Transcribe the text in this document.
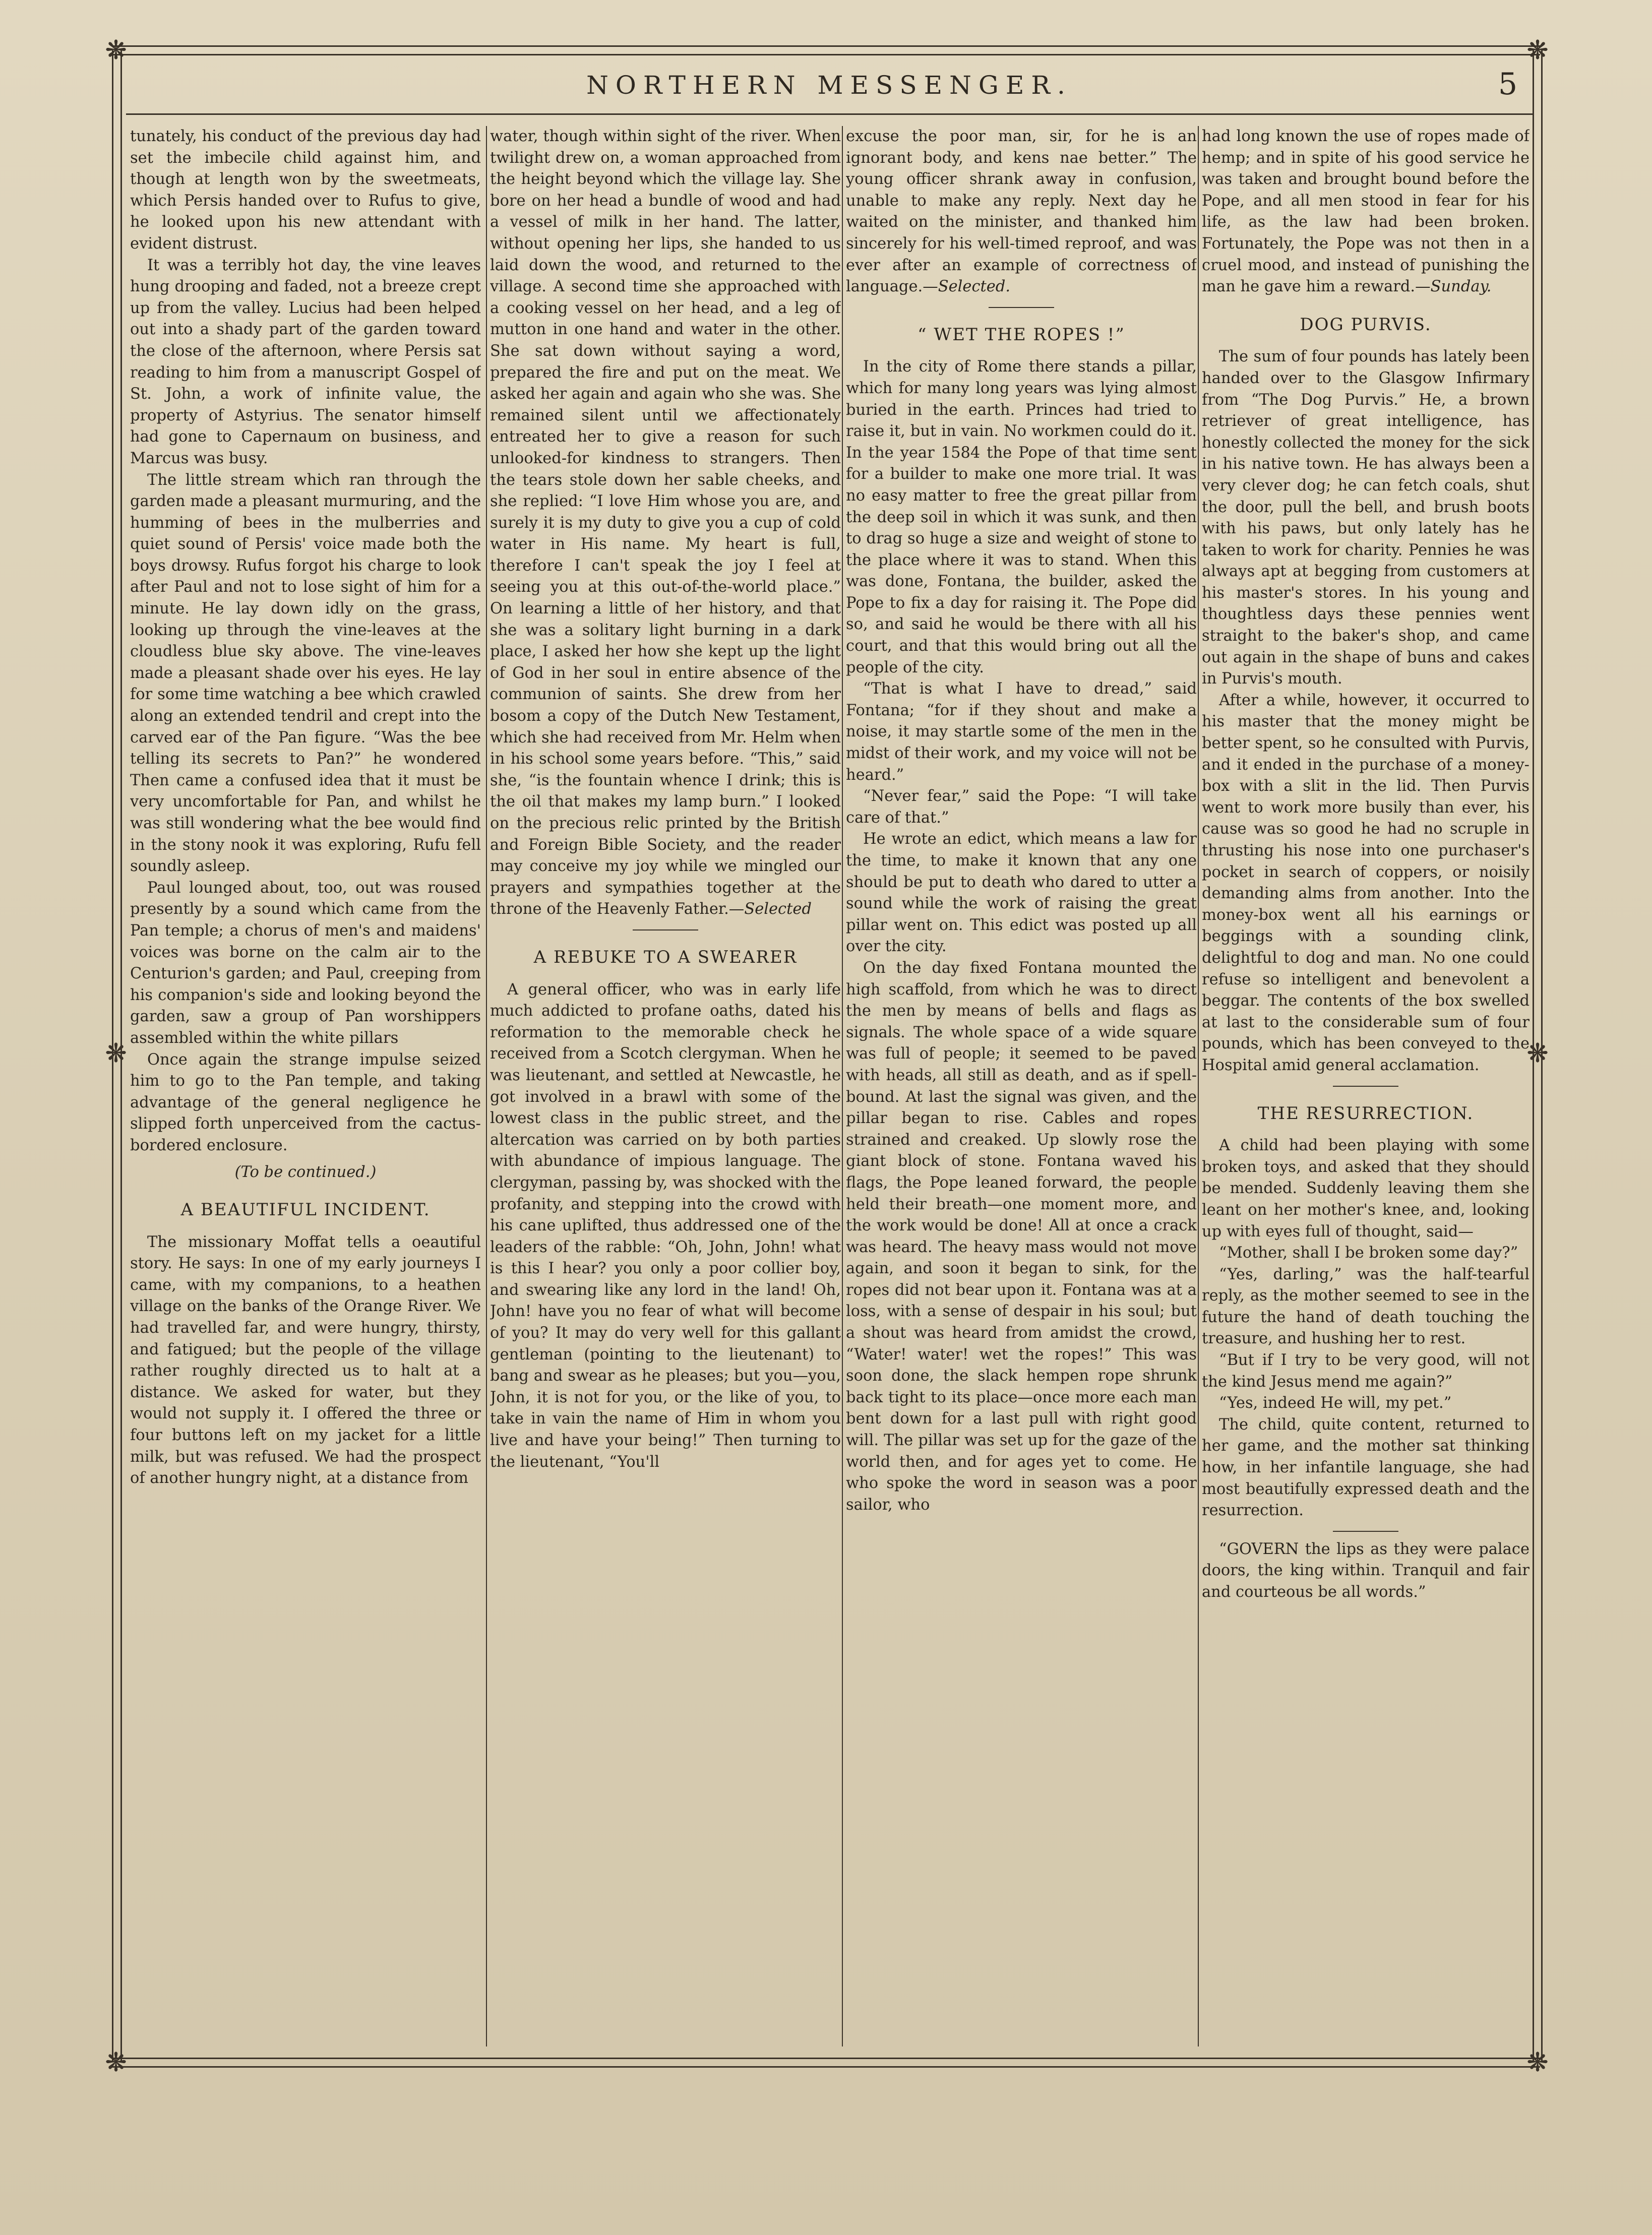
❋	❋
❋	❋
❋	❋
NORTHERN MESSENGER.	5

tunately, his conduct of the previous day had set the imbecile child against him, and though at length won by the sweetmeats, which Persis handed over to Rufus to give, he looked upon his new attendant with evident distrust.

It was a terribly hot day, the vine leaves hung drooping and faded, not a breeze crept up from the valley. Lucius had been helped out into a shady part of the garden toward the close of the afternoon, where Persis sat reading to him from a manuscript Gospel of St. John, a work of infinite value, the property of Astyrius. The senator himself had gone to Capernaum on business, and Marcus was busy.

The little stream which ran through the garden made a pleasant murmuring, and the humming of bees in the mulberries and quiet sound of Persis' voice made both the boys drowsy. Rufus forgot his charge to look after Paul and not to lose sight of him for a minute. He lay down idly on the grass, looking up through the vine-leaves at the cloudless blue sky above. The vine-leaves made a pleasant shade over his eyes. He lay for some time watching a bee which crawled along an extended tendril and crept into the carved ear of the Pan figure. “Was the bee telling its secrets to Pan?” he wondered Then came a confused idea that it must be very uncomfortable for Pan, and whilst he was still wondering what the bee would find in the stony nook it was exploring, Rufu fell soundly asleep.

Paul lounged about, too, out was roused presently by a sound which came from the Pan temple; a chorus of men's and maidens' voices was borne on the calm air to the Centurion's garden; and Paul, creeping from his companion's side and looking beyond the garden, saw a group of Pan worshippers assembled within the white pillars

Once again the strange impulse seized him to go to the Pan temple, and taking advantage of the general negligence he slipped forth unperceived from the cactus-bordered enclosure.

(To be continued.)

A BEAUTIFUL INCIDENT.

The missionary Moffat tells a oeautiful story. He says: In one of my early journeys I came, with my companions, to a heathen village on the banks of the Orange River. We had travelled far, and were hungry, thirsty, and fatigued; but the people of the village rather roughly directed us to halt at a distance. We asked for water, but they would not supply it. I offered the three or four buttons left on my jacket for a little milk, but was refused. We had the prospect of another hungry night, at a distance from

water, though within sight of the river. When twilight drew on, a woman approached from the height beyond which the village lay. She bore on her head a bundle of wood and had a vessel of milk in her hand. The latter, without opening her lips, she handed to us laid down the wood, and returned to the village. A second time she approached with a cooking vessel on her head, and a leg of mutton in one hand and water in the other. She sat down without saying a word, prepared the fire and put on the meat. We asked her again and again who she was. She remained silent until we affectionately entreated her to give a reason for such unlooked-for kindness to strangers. Then the tears stole down her sable cheeks, and she replied: “I love Him whose you are, and surely it is my duty to give you a cup of cold water in His name. My heart is full, therefore I can't speak the joy I feel at seeing you at this out-of-the-world place.” On learning a little of her history, and that she was a solitary light burning in a dark place, I asked her how she kept up the light of God in her soul in entire absence of the communion of saints. She drew from her bosom a copy of the Dutch New Testament, which she had received from Mr. Helm when in his school some years before. “This,” said she, “is the fountain whence I drink; this is the oil that makes my lamp burn.” I looked on the precious relic printed by the British and Foreign Bible Society, and the reader may conceive my joy while we mingled our prayers and sympathies together at the throne of the Heavenly Father.—Selected

A REBUKE TO A SWEARER

A general officer, who was in early life much addicted to profane oaths, dated his reformation to the memorable check he received from a Scotch clergyman. When he was lieutenant, and settled at Newcastle, he got involved in a brawl with some of the lowest class in the public street, and the altercation was carried on by both parties with abundance of impious language. The clergyman, passing by, was shocked with the profanity, and stepping into the crowd with his cane uplifted, thus addressed one of the leaders of the rabble: “Oh, John, John! what is this I hear? you only a poor collier boy, and swearing like any lord in the land! Oh, John! have you no fear of what will become of you? It may do very well for this gallant gentleman (pointing to the lieutenant) to bang and swear as he pleases; but you—you, John, it is not for you, or the like of you, to take in vain the name of Him in whom you live and have your being!” Then turning to the lieutenant, “You'll

excuse the poor man, sir, for he is an ignorant body, and kens nae better.” The young officer shrank away in confusion, unable to make any reply. Next day he waited on the minister, and thanked him sincerely for his well-timed reproof, and was ever after an example of correctness of language.—Selected.

“ WET THE ROPES !”

In the city of Rome there stands a pillar, which for many long years was lying almost buried in the earth. Princes had tried to raise it, but in vain. No workmen could do it. In the year 1584 the Pope of that time sent for a builder to make one more trial. It was no easy matter to free the great pillar from the deep soil in which it was sunk, and then to drag so huge a size and weight of stone to the place where it was to stand. When this was done, Fontana, the builder, asked the Pope to fix a day for raising it. The Pope did so, and said he would be there with all his court, and that this would bring out all the people of the city.

“That is what I have to dread,” said Fontana; “for if they shout and make a noise, it may startle some of the men in the midst of their work, and my voice will not be heard.”

“Never fear,” said the Pope: “I will take care of that.”

He wrote an edict, which means a law for the time, to make it known that any one should be put to death who dared to utter a sound while the work of raising the great pillar went on. This edict was posted up all over the city.

On the day fixed Fontana mounted the high scaffold, from which he was to direct the men by means of bells and flags as signals. The whole space of a wide square was full of people; it seemed to be paved with heads, all still as death, and as if spell-bound. At last the signal was given, and the pillar began to rise. Cables and ropes strained and creaked. Up slowly rose the giant block of stone. Fontana waved his flags, the Pope leaned forward, the people held their breath—one moment more, and the work would be done! All at once a crack was heard. The heavy mass would not move again, and soon it began to sink, for the ropes did not bear upon it. Fontana was at a loss, with a sense of despair in his soul; but a shout was heard from amidst the crowd, “Water! water! wet the ropes!” This was soon done, the slack hempen rope shrunk back tight to its place—once more each man bent down for a last pull with right good will. The pillar was set up for the gaze of the world then, and for ages yet to come. He who spoke the word in season was a poor sailor, who

had long known the use of ropes made of hemp; and in spite of his good service he was taken and brought bound before the Pope, and all men stood in fear for his life, as the law had been broken. Fortunately, the Pope was not then in a cruel mood, and instead of punishing the man he gave him a reward.—Sunday.

DOG PURVIS.

The sum of four pounds has lately been handed over to the Glasgow Infirmary from “The Dog Purvis.” He, a brown retriever of great intelligence, has honestly collected the money for the sick in his native town. He has always been a very clever dog; he can fetch coals, shut the door, pull the bell, and brush boots with his paws, but only lately has he taken to work for charity. Pennies he was always apt at begging from customers at his master's stores. In his young and thoughtless days these pennies went straight to the baker's shop, and came out again in the shape of buns and cakes in Purvis's mouth.

After a while, however, it occurred to his master that the money might be better spent, so he consulted with Purvis, and it ended in the purchase of a money-box with a slit in the lid. Then Purvis went to work more busily than ever, his cause was so good he had no scruple in thrusting his nose into one purchaser's pocket in search of coppers, or noisily demanding alms from another. Into the money-box went all his earnings or beggings with a sounding clink, delightful to dog and man. No one could refuse so intelligent and benevolent a beggar. The contents of the box swelled at last to the considerable sum of four pounds, which has been conveyed to the Hospital amid general acclamation.

THE RESURRECTION.

A child had been playing with some broken toys, and asked that they should be mended. Suddenly leaving them she leant on her mother's knee, and, looking up with eyes full of thought, said—

“Mother, shall I be broken some day?”

“Yes, darling,” was the half-tearful reply, as the mother seemed to see in the future the hand of death touching the treasure, and hushing her to rest.

“But if I try to be very good, will not the kind Jesus mend me again?”

“Yes, indeed He will, my pet.”

The child, quite content, returned to her game, and the mother sat thinking how, in her infantile language, she had most beautifully expressed death and the resurrection.

“GOVERN the lips as they were palace doors, the king within. Tranquil and fair and courteous be all words.”
